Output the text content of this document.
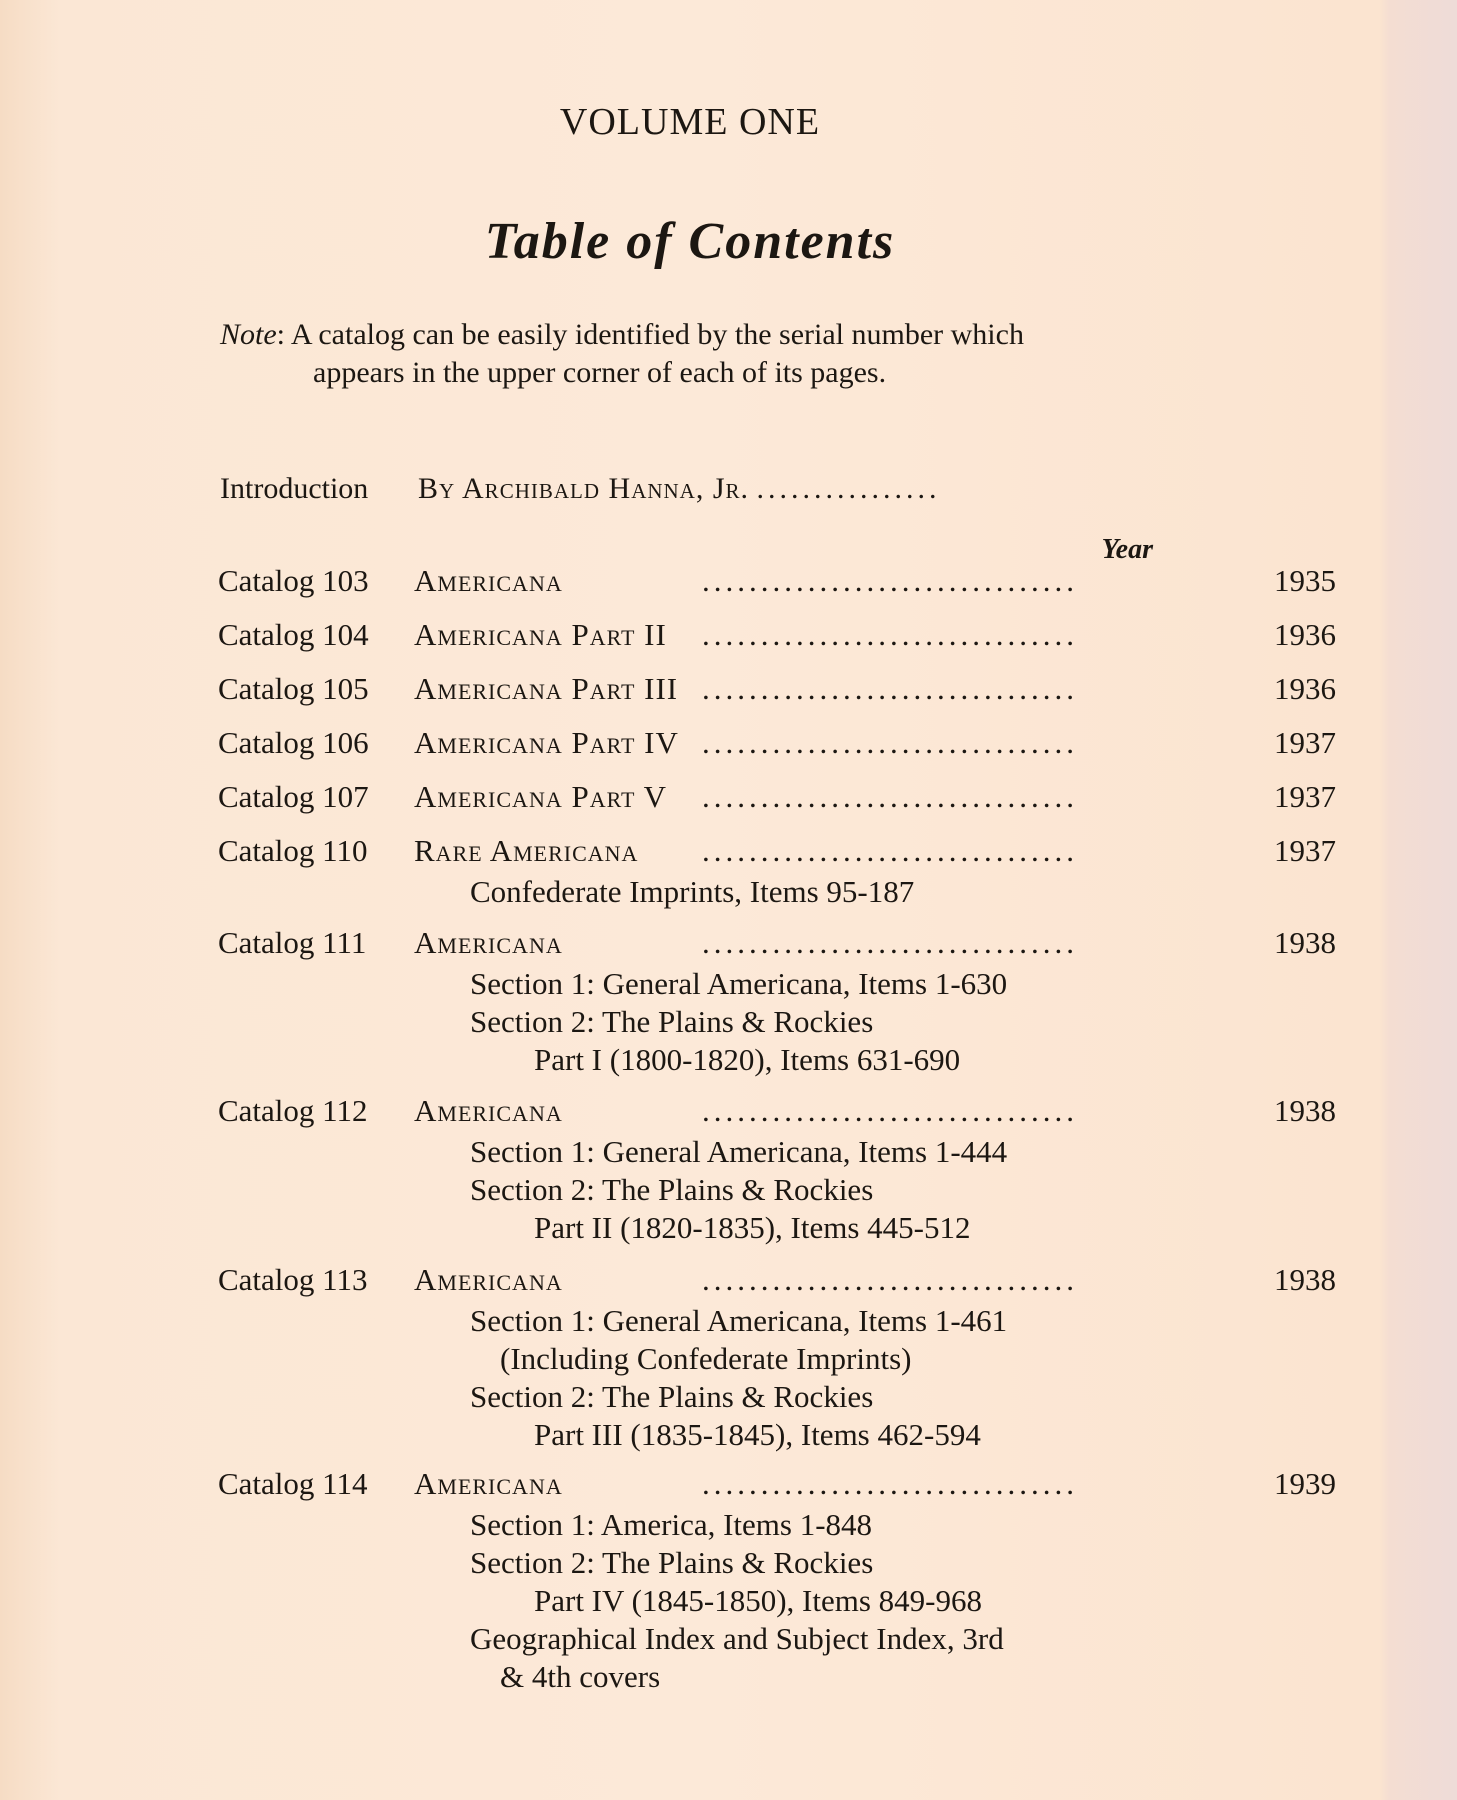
VOLUME ONE
Table of Contents
Note: A catalog can be easily identified by the serial number which
appears in the upper corner of each of its pages.
Introduction By Archibald Hanna, Jr. ................
Year
Catalog 103 Americana	................................	1935
Catalog 104 Americana Part II ................................	1936
Catalog 105 Americana Part III ................................	1936
Catalog 106 Americana Part IV ................................	1937
Catalog 107 Americana Part V ................................	1937
Catalog 110 Rare Americana ................................	1937
Confederate Imprints, Items 95-187
Catalog 111 Americana	................................	1938
Section 1: General Americana, Items 1-630
Section 2: The Plains & Rockies
Part I (1800-1820), Items 631-690
Catalog 112 Americana	................................	1938
Section 1: General Americana, Items 1-444
Section 2: The Plains & Rockies
Part II (1820-1835), Items 445-512
Catalog 113 Americana	................................	1938
Section 1: General Americana, Items 1-461
(Including Confederate Imprints)
Section 2: The Plains & Rockies
Part III (1835-1845), Items 462-594
Catalog 114 Americana	................................	1939
Section 1: America, Items 1-848
Section 2: The Plains & Rockies
Part IV (1845-1850), Items 849-968
Geographical Index and Subject Index, 3rd
& 4th covers
